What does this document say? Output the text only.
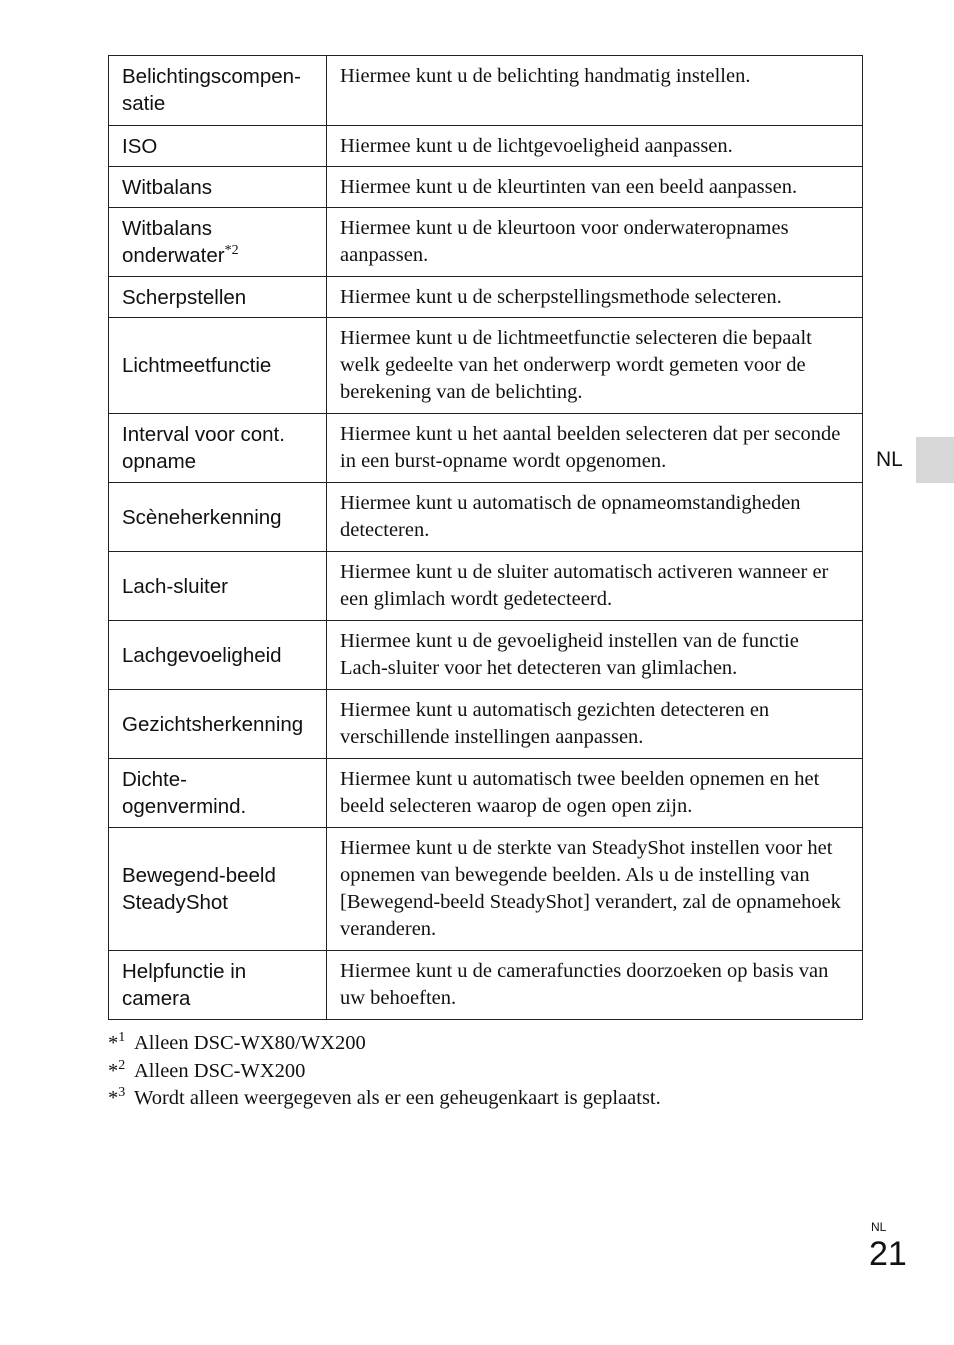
Belichtingscompen-
satie	Hiermee kunt u de belichting handmatig instellen.
ISO	Hiermee kunt u de lichtgevoeligheid aanpassen.
Witbalans	Hiermee kunt u de kleurtinten van een beeld aanpassen.
Witbalans
onderwater$^{*2}$	Hiermee kunt u de kleurtoon voor onderwateropnames aanpassen.
Scherpstellen	Hiermee kunt u de scherpstellingsmethode selecteren.
Lichtmeetfunctie	Hiermee kunt u de lichtmeetfunctie selecteren die bepaalt welk gedeelte van het onderwerp wordt gemeten voor de berekening van de belichting.
Interval voor cont.
opname	Hiermee kunt u het aantal beelden selecteren dat per seconde in een burst-opname wordt opgenomen.
Scèneherkenning	Hiermee kunt u automatisch de opnameomstandigheden detecteren.
Lach-sluiter	Hiermee kunt u de sluiter automatisch activeren wanneer er een glimlach wordt gedetecteerd.
Lachgevoeligheid	Hiermee kunt u de gevoeligheid instellen van de functie Lach-sluiter voor het detecteren van glimlachen.
Gezichtsherkenning	Hiermee kunt u automatisch gezichten detecteren en verschillende instellingen aanpassen.
Dichte-
ogenvermind.	Hiermee kunt u automatisch twee beelden opnemen en het beeld selecteren waarop de ogen open zijn.
Bewegend-beeld
SteadyShot	Hiermee kunt u de sterkte van SteadyShot instellen voor het opnemen van bewegende beelden. Als u de instelling van [Bewegend-beeld SteadyShot] verandert, zal de opnamehoek veranderen.
Helpfunctie in
camera	Hiermee kunt u de camerafuncties doorzoeken op basis van uw behoeften.
*$^1$ Alleen DSC-WX80/WX200
*$^2$ Alleen DSC-WX200
*$^3$ Wordt alleen weergegeven als er een geheugenkaart is geplaatst.
NL
NL
21
